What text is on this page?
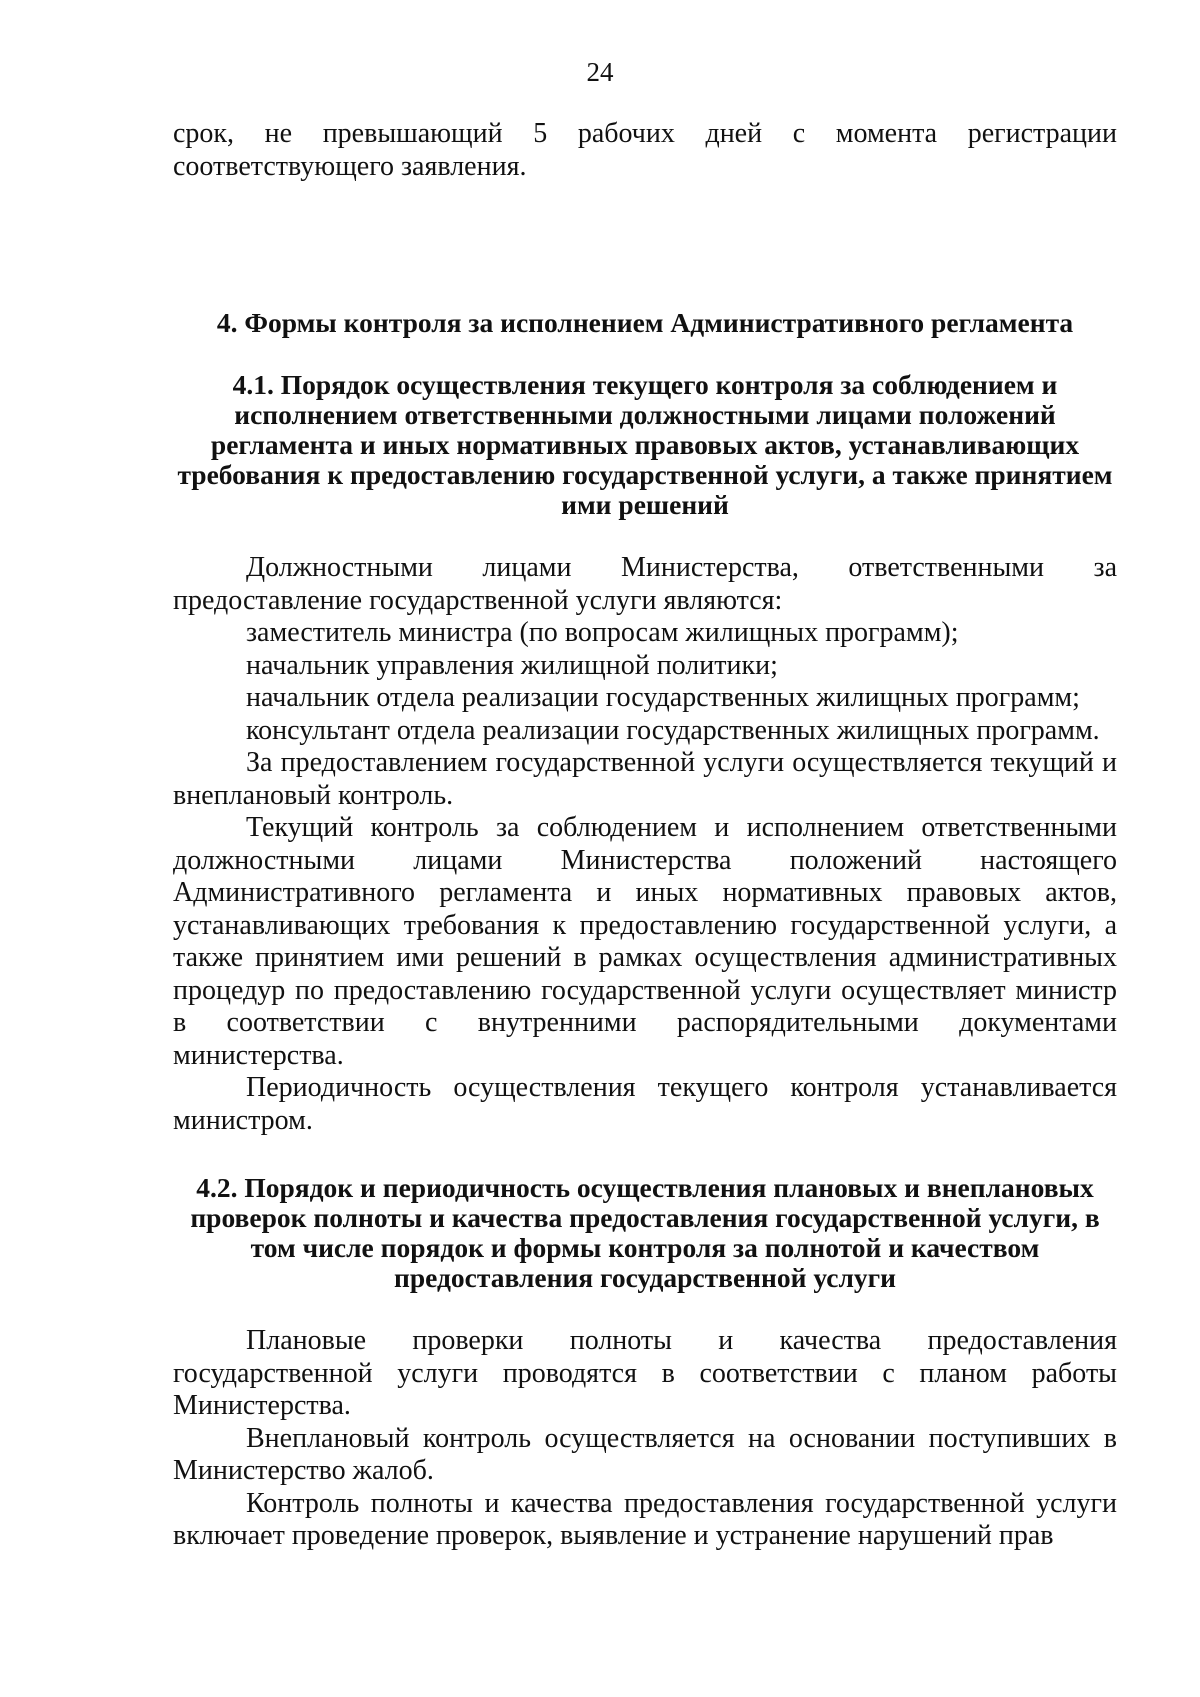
24

срок, не превышающий 5 рабочих дней с момента регистрации соответствующего заявления.

4. Формы контроля за исполнением Административного регламента
4.1. Порядок осуществления текущего контроля за соблюдением и исполнением ответственными должностными лицами положений регламента и иных нормативных правовых актов, устанавливающих требования к предоставлению государственной услуги, а также принятием ими решений

Должностными лицами Министерства, ответственными за предоставление государственной услуги являются:

заместитель министра (по вопросам жилищных программ);

начальник управления жилищной политики;

начальник отдела реализации государственных жилищных программ;

консультант отдела реализации государственных жилищных программ.

За предоставлением государственной услуги осуществляется текущий и внеплановый контроль.

Текущий контроль за соблюдением и исполнением ответственными должностными лицами Министерства положений настоящего Административного регламента и иных нормативных правовых актов, устанавливающих требования к предоставлению государственной услуги, а также принятием ими решений в рамках осуществления административных процедур по предоставлению государственной услуги осуществляет министр в соответствии с внутренними распорядительными документами министерства.

Периодичность осуществления текущего контроля устанавливается министром.

4.2. Порядок и периодичность осуществления плановых и внеплановых проверок полноты и качества предоставления государственной услуги, в том числе порядок и формы контроля за полнотой и качеством предоставления государственной услуги

Плановые проверки полноты и качества предоставления государственной услуги проводятся в соответствии с планом работы Министерства.

Внеплановый контроль осуществляется на основании поступивших в Министерство жалоб.

Контроль полноты и качества предоставления государственной услуги включает проведение проверок, выявление и устранение нарушений прав
